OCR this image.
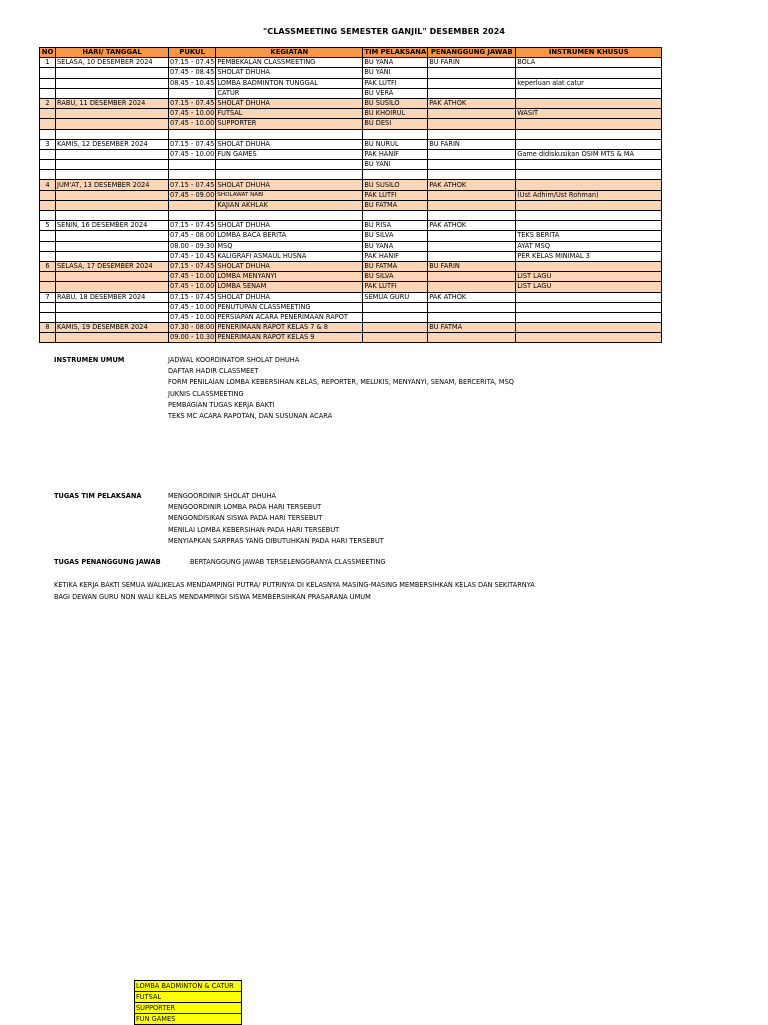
"CLASSMEETING SEMESTER GANJIL" DESEMBER 2024
NO	HARI/ TANGGAL	PUKUL	KEGIATAN	TIM PELAKSANA	PENANGGUNG JAWAB	INSTRUMEN KHUSUS
1	SELASA, 10 DESEMBER 2024	07.15 - 07.45	PEMBEKALAN CLASSMEETING	BU YANA	BU FARIN	BOLA
		07.45 - 08.45	SHOLAT DHUHA	BU YANI		
		08.45 - 10.45	LOMBA BADMINTON TUNGGAL	PAK LUTFI		keperluan alat catur
			CATUR	BU VERA		
2	RABU, 11 DESEMBER 2024	07.15 - 07.45	SHOLAT DHUHA	BU SUSILO	PAK ATHOK	
		07.45 - 10.00	FUTSAL	BU KHOIRUL		WASIT
		07.45 - 10.00	SUPPORTER	BU DESI		

3	KAMIS, 12 DESEMBER 2024	07.15 - 07.45	SHOLAT DHUHA	BU NURUL	BU FARIN	
		07.45 - 10.00	FUN GAMES	PAK HANIF		Game didiskusikan OSIM MTS & MA
				BU YANI		

4	JUM'AT, 13 DESEMBER 2024	07.15 - 07.45	SHOLAT DHUHA	BU SUSILO	PAK ATHOK	
		07.45 - 09.00	SHOLAWAT NABI	PAK LUTFI		(Ust Adhim/Ust Rohman)
			KAJIAN AKHLAK	BU FATMA		

5	SENIN, 16 DESEMBER 2024	07.15 - 07.45	SHOLAT DHUHA	BU RISA	PAK ATHOK	
		07.45 - 08.00	LOMBA BACA BERITA	BU SILVA		TEKS BERITA
		08.00 - 09.30	MSQ	BU YANA		AYAT MSQ
		07.45 - 10.45	KALIGRAFI ASMAUL HUSNA	PAK HANIF		PER KELAS MINIMAL 3
6	SELASA, 17 DESEMBER 2024	07.15 - 07.45	SHOLAT DHUHA	BU FATMA	BU FARIN	
		07.45 - 10.00	LOMBA MENYANYI	BU SILVA		LIST LAGU
		07.45 - 10.00	LOMBA SENAM	PAK LUTFI		LIST LAGU
7	RABU, 18 DESEMBER 2024	07.15 - 07.45	SHOLAT DHUHA	SEMUA GURU	PAK ATHOK	
		07.45 - 10.00	PENUTUPAN CLASSMEETING			
		07.45 - 10.00	PERSIAPAN ACARA PENERIMAAN RAPOT			
8	KAMIS, 19 DESEMBER 2024	07.30 - 08.00	PENERIMAAN RAPOT KELAS 7 & 8		BU FATMA	
		09.00 - 10.30	PENERIMAAN RAPOT KELAS 9			
INSTRUMEN UMUM	JADWAL KOORDINATOR SHOLAT DHUHA
DAFTAR HADIR CLASSMEET
FORM PENILAIAN LOMBA KEBERSIHAN KELAS, REPORTER, MELUKIS, MENYANYI, SENAM, BERCERITA, MSQ
JUKNIS CLASSMEETING
PEMBAGIAN TUGAS KERJA BAKTI
TEKS MC ACARA RAPOTAN, DAN SUSUNAN ACARA
TUGAS TIM PELAKSANA	MENGOORDINIR SHOLAT DHUHA
MENGOORDINIR LOMBA PADA HARI TERSEBUT
MENGONDISIKAN SISWA PADA HARI TERSEBUT
MENILAI LOMBA KEBERSIHAN PADA HARI TERSEBUT
MENYIAPKAN SARPRAS YANG DIBUTUHKAN PADA HARI TERSEBUT
TUGAS PENANGGUNG JAWAB	BERTANGGUNG JAWAB TERSELENGGRANYA CLASSMEETING
KETIKA KERJA BAKTI SEMUA WALIKELAS MENDAMPINGI PUTRA/ PUTRINYA DI KELASNYA MASING-MASING MEMBERSIHKAN KELAS DAN SEKITARNYA
BAGI DEWAN GURU NON WALI KELAS MENDAMPINGI SISWA MEMBERSIHKAN PRASARANA UMUM
LOMBA BADMINTON & CATUR
FUTSAL
SUPPORTER
FUN GAMES
